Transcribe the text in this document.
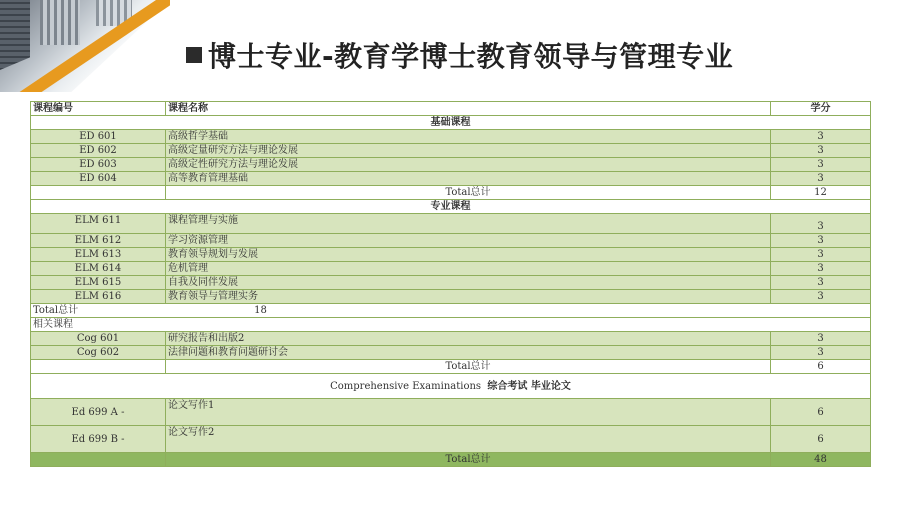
博士专业-教育学博士教育领导与管理专业
课程编号	课程名称	学分
基础课程		
ED 601	高级哲学基础	3
ED 602	高级定量研究方法与理论发展	3
ED 603	高级定性研究方法与理论发展	3
ED 604	高等教育管理基础	3
	Total总计	12
专业课程		
ELM 611	课程管理与实施	3
ELM 612	学习资源管理	3
ELM 613	教育领导规划与发展	3
ELM 614	危机管理	3
ELM 615	自我及同伴发展	3
ELM 616	教育领导与管理实务	3
Total总计 18		
相关课程		
Cog 601	研究报告和出版2	3
Cog 602	法律问题和教育问题研讨会	3
	Total总计	6
Comprehensive Examinations 综合考试 毕业论文		
Ed 699 A -	论文写作1	6
Ed 699 B -	论文写作2	6
	Total总计	48
